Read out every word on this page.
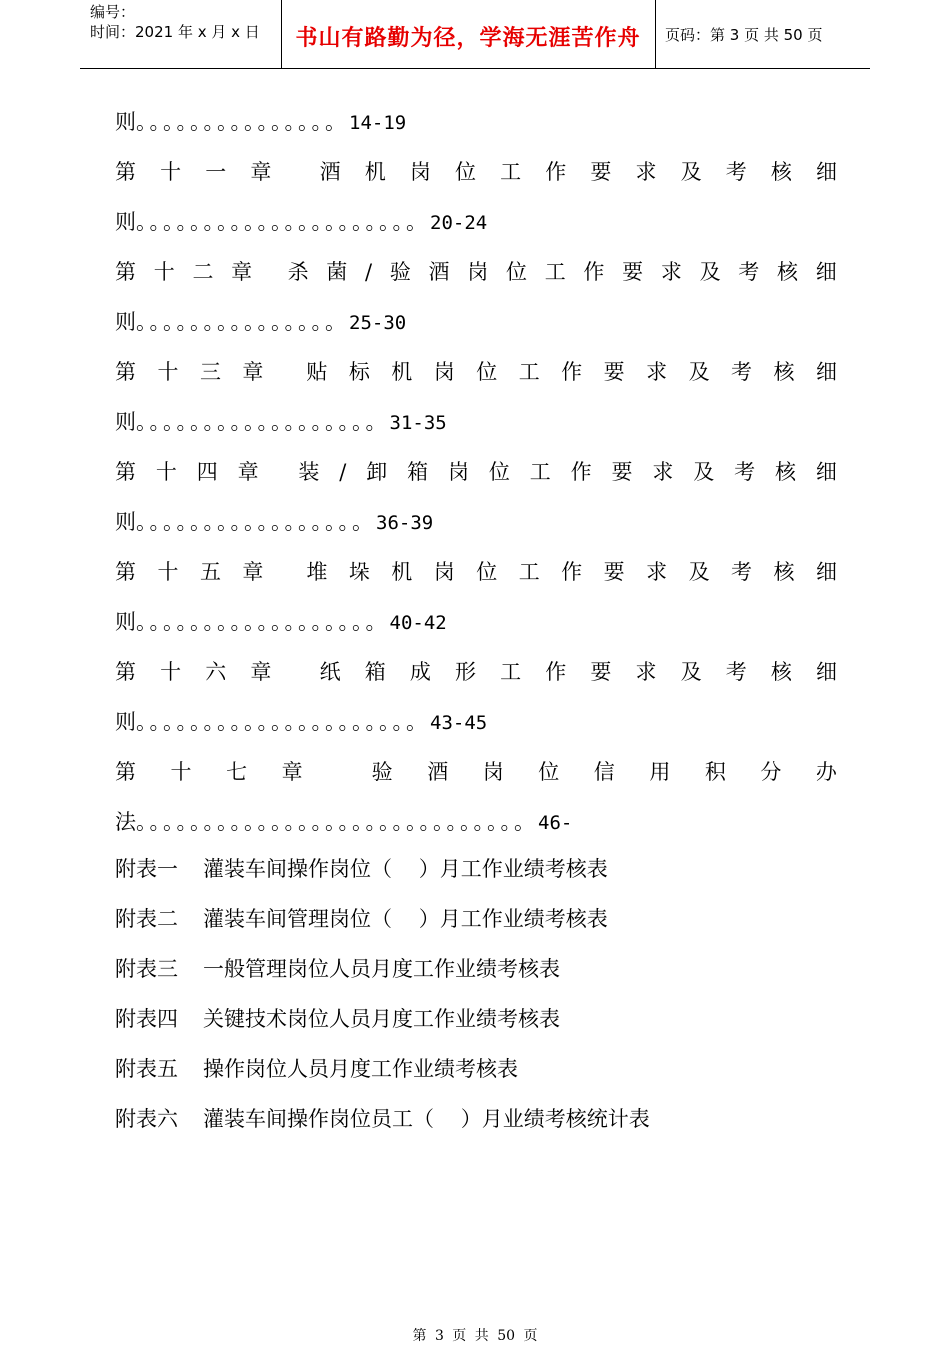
编号：
时间：2021 年 x 月 x 日	书山有路勤为径，学海无涯苦作舟	页码：第 3 页 共 50 页
则。。。。。。。。。。。。。。。14-19
第 十 一 章 酒 机 岗 位 工 作 要 求 及 考 核 细
则。。。。。。。。。。。。。。。。。。。。。20-24
第 十 二 章 杀 菌 / 验 酒 岗 位 工 作 要 求 及 考 核 细
则。。。。。。。。。。。。。。。25-30
第 十 三 章 贴 标 机 岗 位 工 作 要 求 及 考 核 细
则。。。。。。。。。。。。。。。。。。31-35
第 十 四 章 装 / 卸 箱 岗 位 工 作 要 求 及 考 核 细
则。。。。。。。。。。。。。。。。。36-39
第 十 五 章 堆 垛 机 岗 位 工 作 要 求 及 考 核 细
则。。。。。。。。。。。。。。。。。。40-42
第 十 六 章 纸 箱 成 形 工 作 要 求 及 考 核 细
则。。。。。。。。。。。。。。。。。。。。。43-45
第 十 七 章	验 酒 岗 位 信 用 积 分 办
法。。。。。。。。。。。。。。。。。。。。。。。。。。。。。46-
附表一 灌装车间操作岗位（    ）月工作业绩考核表
附表二 灌装车间管理岗位（    ）月工作业绩考核表
附表三 一般管理岗位人员月度工作业绩考核表
附表四 关键技术岗位人员月度工作业绩考核表
附表五 操作岗位人员月度工作业绩考核表
附表六 灌装车间操作岗位员工（    ）月业绩考核统计表
第 3 页 共 50 页
